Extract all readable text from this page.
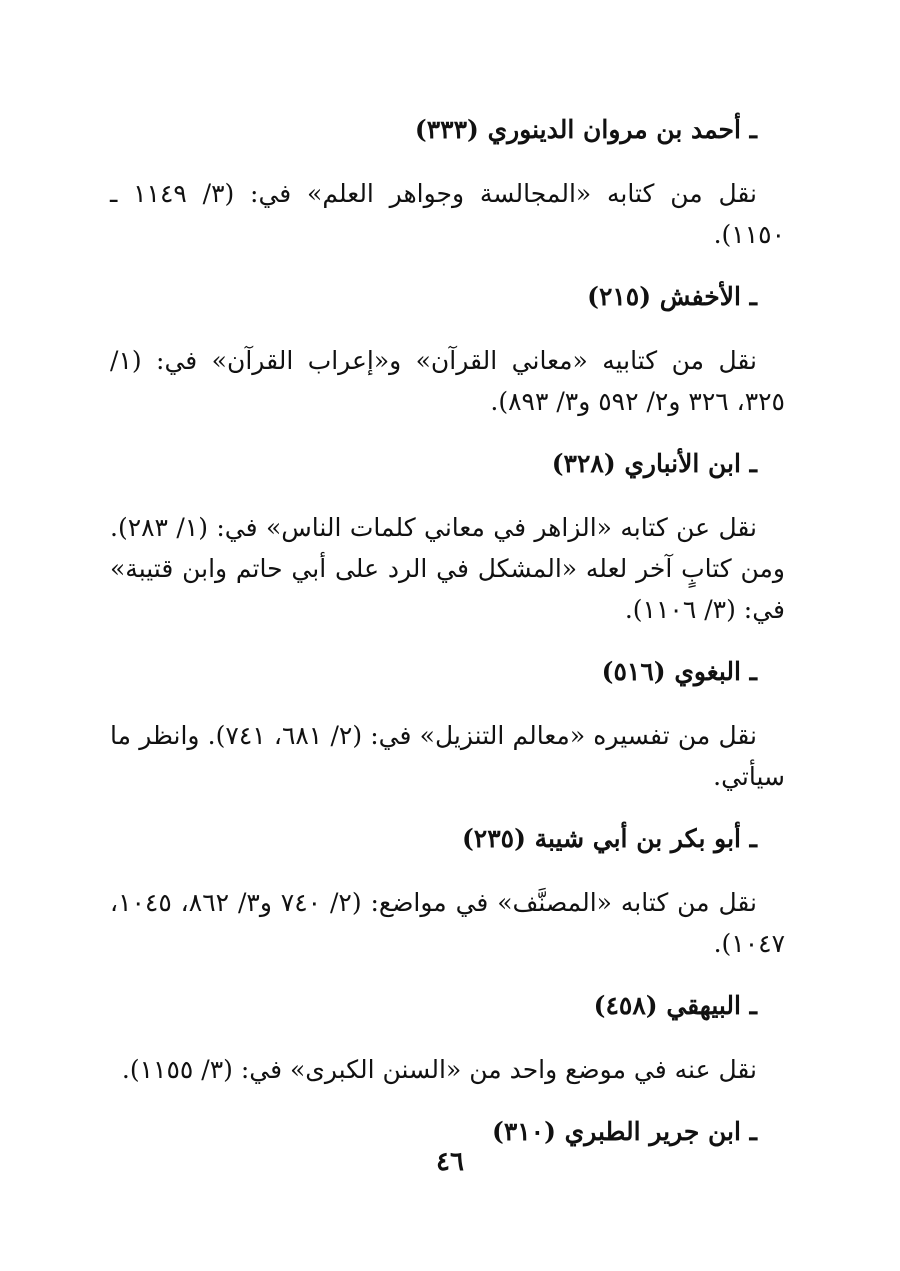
ـ أحمد بن مروان الدينوري (٣٣٣)

نقل من كتابه «المجالسة وجواهر العلم» في: (٣/ ١١٤٩ ـ ١١٥٠).

ـ الأخفش (٢١٥)

نقل من كتابيه «معاني القرآن» و«إعراب القرآن» في: (١/ ٣٢٥، ٣٢٦ و٢/ ٥٩٢ و٣/ ٨٩٣).

ـ ابن الأنباري (٣٢٨)

نقل عن كتابه «الزاهر في معاني كلمات الناس» في: (١/ ٢٨٣). ومن كتابٍ آخر لعله «المشكل في الرد على أبي حاتم وابن قتيبة» في: (٣/ ١١٠٦).

ـ البغوي (٥١٦)

نقل من تفسيره «معالم التنزيل» في: (٢/ ٦٨١، ٧٤١). وانظر ما سيأتي.

ـ أبو بكر بن أبي شيبة (٢٣٥)

نقل من كتابه «المصنَّف» في مواضع: (٢/ ٧٤٠ و٣/ ٨٦٢، ١٠٤٥، ١٠٤٧).

ـ البيهقي (٤٥٨)

نقل عنه في موضع واحد من «السنن الكبرى» في: (٣/ ١١٥٥).

ـ ابن جرير الطبري (٣١٠)
٤٦
